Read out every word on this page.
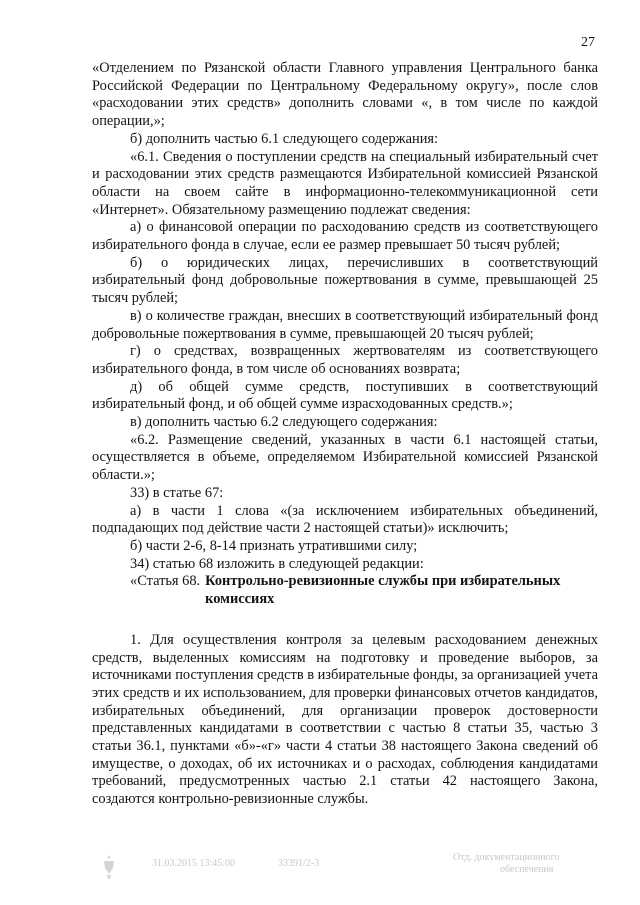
27

«Отделением по Рязанской области Главного управления Центрального банка Российской Федерации по Центральному Федеральному округу», после слов «расходовании этих средств» дополнить словами «, в том числе по каждой операции,»;

б) дополнить частью 6.1 следующего содержания:

«6.1. Сведения о поступлении средств на специальный избирательный счет и расходовании этих средств размещаются Избирательной комиссией Рязанской области на своем сайте в информационно-телекоммуникационной сети «Интернет». Обязательному размещению подлежат сведения:

а) о финансовой операции по расходованию средств из соответствующего избирательного фонда в случае, если ее размер превышает 50 тысяч рублей;

б) о юридических лицах, перечисливших в соответствующий избирательный фонд добровольные пожертвования в сумме, превышающей 25 тысяч рублей;

в) о количестве граждан, внесших в соответствующий избирательный фонд добровольные пожертвования в сумме, превышающей 20 тысяч рублей;

г) о средствах, возвращенных жертвователям из соответствующего избирательного фонда, в том числе об основаниях возврата;

д) об общей сумме средств, поступивших в соответствующий избирательный фонд, и об общей сумме израсходованных средств.»;

в) дополнить частью 6.2 следующего содержания:

«6.2. Размещение сведений, указанных в части 6.1 настоящей статьи, осуществляется в объеме, определяемом Избирательной комиссией Рязанской области.»;

33) в статье 67:

а) в части 1 слова «(за исключением избирательных объединений, подпадающих под действие части 2 настоящей статьи)» исключить;

б) части 2-6, 8-14 признать утратившими силу;

34) статью 68 изложить в следующей редакции:

«Статья 68. Контрольно-ревизионные службы при избирательных комиссиях

1. Для осуществления контроля за целевым расходованием денежных средств, выделенных комиссиям на подготовку и проведение выборов, за источниками поступления средств в избирательные фонды, за организацией учета этих средств и их использованием, для проверки финансовых отчетов кандидатов, избирательных объединений, для организации проверок достоверности представленных кандидатами в соответствии с частью 8 статьи 35, частью 3 статьи 36.1, пунктами «б»-«г» части 4 статьи 38 настоящего Закона сведений об имуществе, о доходах, об их источниках и о расходах, соблюдения кандидатами требований, предусмотренных частью 2.1 статьи 42 настоящего Закона, создаются контрольно-ревизионные службы.

31.03.2015 13:45:00	33391/2-3
Отд. документационного
обеспечения
